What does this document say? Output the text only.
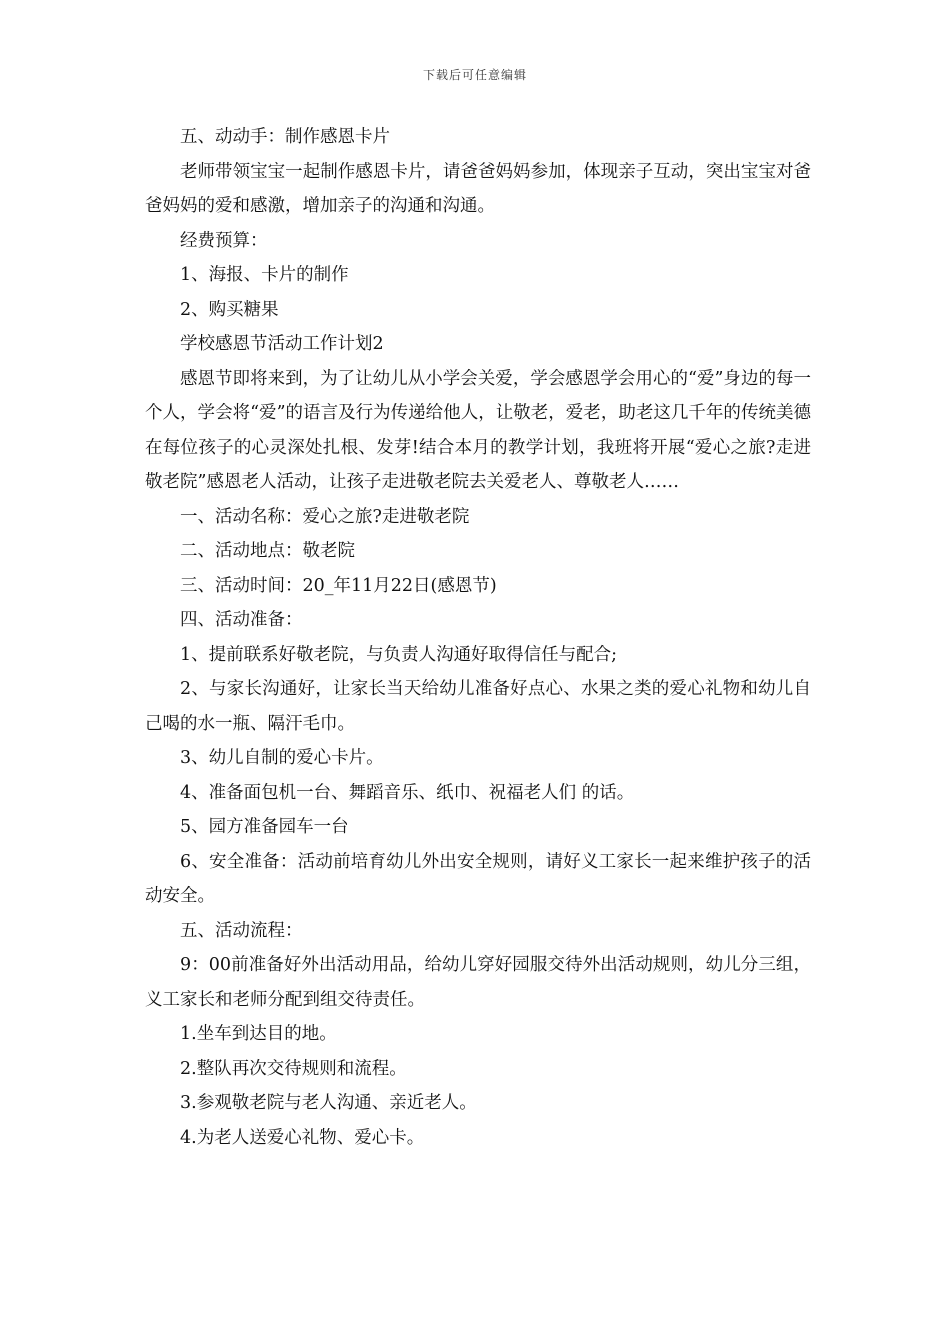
下载后可任意编辑

五、动动手：制作感恩卡片

老师带领宝宝一起制作感恩卡片，请爸爸妈妈参加，体现亲子互动，突出宝宝对爸爸妈妈的爱和感激，增加亲子的沟通和沟通。

经费预算：

1、海报、卡片的制作

2、购买糖果

学校感恩节活动工作计划2

感恩节即将来到，为了让幼儿从小学会关爱，学会感恩学会用心的“爱”身边的每一个人，学会将“爱”的语言及行为传递给他人，让敬老，爱老，助老这几千年的传统美德在每位孩子的心灵深处扎根、发芽!结合本月的教学计划，我班将开展“爱心之旅?走进敬老院”感恩老人活动，让孩子走进敬老院去关爱老人、尊敬老人……

一、活动名称：爱心之旅?走进敬老院

二、活动地点：敬老院

三、活动时间：20_年11月22日(感恩节)

四、活动准备：

1、提前联系好敬老院，与负责人沟通好取得信任与配合;

2、与家长沟通好，让家长当天给幼儿准备好点心、水果之类的爱心礼物和幼儿自己喝的水一瓶、隔汗毛巾。

3、幼儿自制的爱心卡片。

4、准备面包机一台、舞蹈音乐、纸巾、祝福老人们 的话。

5、园方准备园车一台

6、安全准备：活动前培育幼儿外出安全规则，请好义工家长一起来维护孩子的活动安全。

五、活动流程：

9：00前准备好外出活动用品，给幼儿穿好园服交待外出活动规则，幼儿分三组，义工家长和老师分配到组交待责任。

1.坐车到达目的地。

2.整队再次交待规则和流程。

3.参观敬老院与老人沟通、亲近老人。

4.为老人送爱心礼物、爱心卡。
